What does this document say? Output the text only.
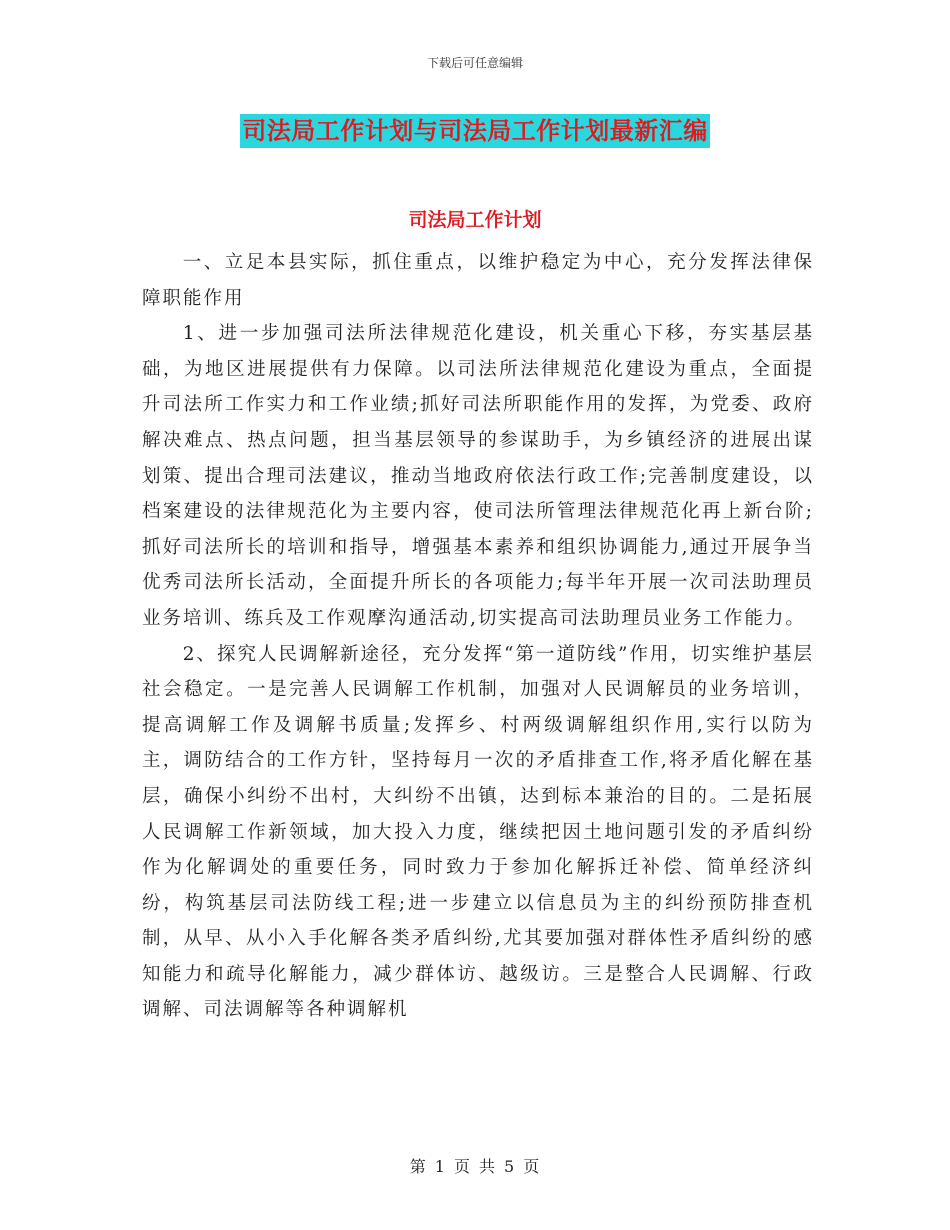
下载后可任意编辑
司法局工作计划与司法局工作计划最新汇编
司法局工作计划

一、立足本县实际，抓住重点，以维护稳定为中心，充分发挥法律保障职能作用

1、进一步加强司法所法律规范化建设，机关重心下移，夯实基层基础，为地区进展提供有力保障。以司法所法律规范化建设为重点，全面提升司法所工作实力和工作业绩;抓好司法所职能作用的发挥，为党委、政府解决难点、热点问题，担当基层领导的参谋助手，为乡镇经济的进展出谋划策、提出合理司法建议，推动当地政府依法行政工作;完善制度建设，以档案建设的法律规范化为主要内容，使司法所管理法律规范化再上新台阶;抓好司法所长的培训和指导，增强基本素养和组织协调能力,通过开展争当优秀司法所长活动，全面提升所长的各项能力;每半年开展一次司法助理员业务培训、练兵及工作观摩沟通活动,切实提高司法助理员业务工作能力。

2、探究人民调解新途径，充分发挥“第一道防线”作用，切实维护基层社会稳定。一是完善人民调解工作机制，加强对人民调解员的业务培训，提高调解工作及调解书质量;发挥乡、村两级调解组织作用,实行以防为主，调防结合的工作方针，坚持每月一次的矛盾排查工作,将矛盾化解在基层，确保小纠纷不出村，大纠纷不出镇，达到标本兼治的目的。二是拓展人民调解工作新领域，加大投入力度，继续把因土地问题引发的矛盾纠纷作为化解调处的重要任务，同时致力于参加化解拆迁补偿、简单经济纠纷，构筑基层司法防线工程;进一步建立以信息员为主的纠纷预防排查机制，从早、从小入手化解各类矛盾纠纷,尤其要加强对群体性矛盾纠纷的感知能力和疏导化解能力，减少群体访、越级访。三是整合人民调解、行政调解、司法调解等各种调解机

第 1 页 共 5 页
